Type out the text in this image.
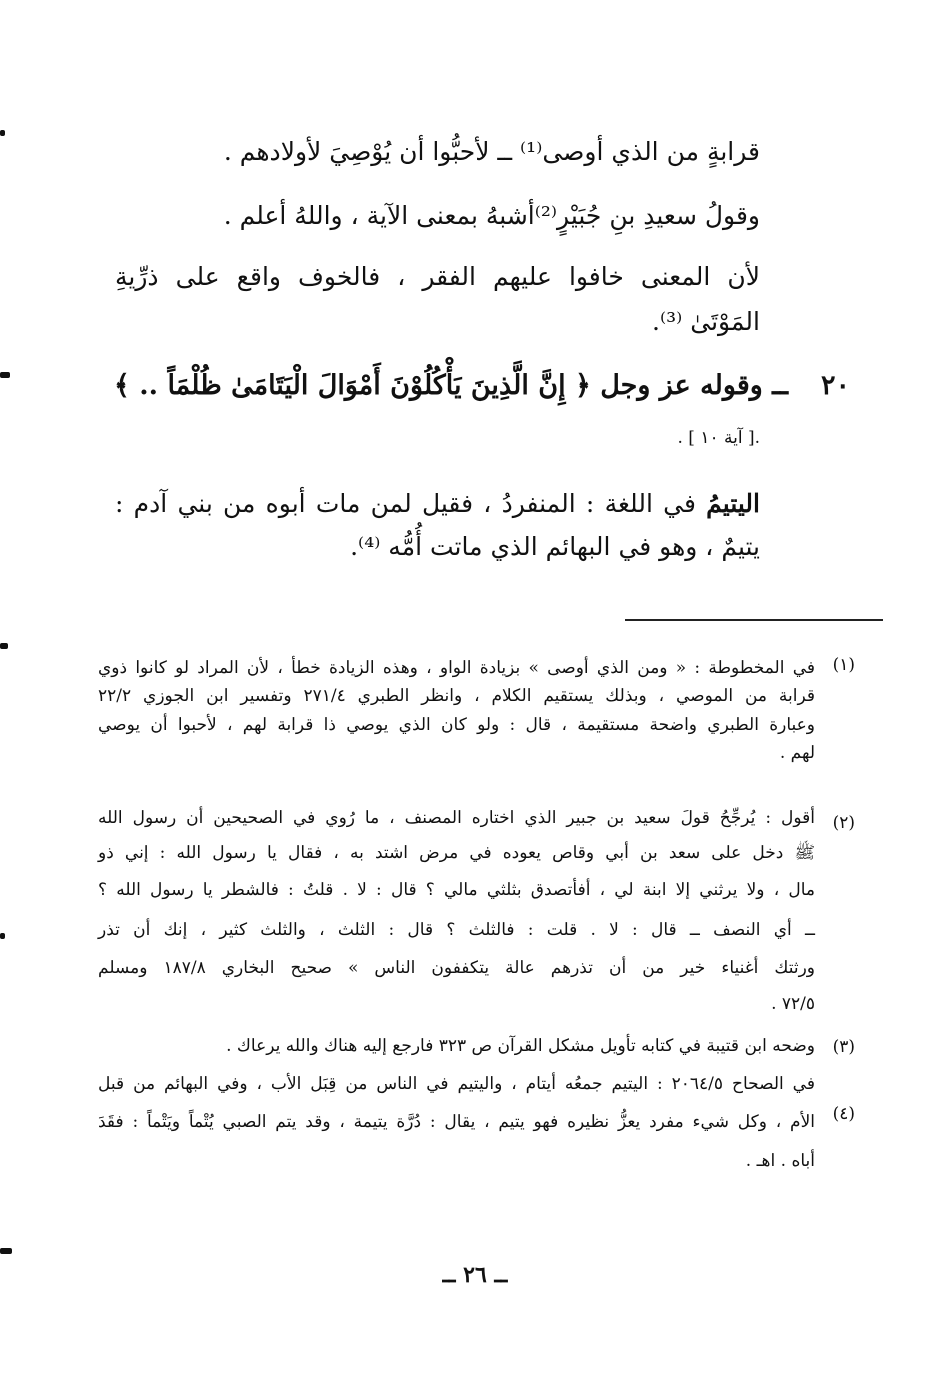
قرابةٍ من الذي أوصى⁽¹⁾ ــ لأحبُّوا أن يُوْصِيَ لأولادهم .
وقولُ سعيدِ بنِ جُبَيْرٍ⁽²⁾أشبهُ بمعنى الآية ، واللهُ أعلم .
لأن المعنى خافوا عليهم الفقر ، فالخوف واقع على ذرِّيةِ
المَوْتَىٰ ⁽³⁾.
٢٠
ــ وقوله عز وجل ﴿ إِنَّ الَّذِينَ يَأْكُلُوْنَ أَمْوَالَ الْيَتَامَىٰ ظُلْمَاً .. ﴾
.[ آية ١٠ ] .
اليتيمُ في اللغة : المنفردُ ، فقيل لمن مات أبوه من بني آدم :
يتيمٌ ، وهو في البهائم الذي ماتت أُمُّه ⁽⁴⁾.
(١)
في المخطوطة : « ومن الذي أوصى » بزيادة الواو ، وهذه الزيادة خطأ ، لأن المراد لو كانوا ذوي
قرابة من الموصي ، وبذلك يستقيم الكلام ، وانظر الطبري ٢٧١/٤ وتفسير ابن الجوزي ٢٢/٢
وعبارة الطبري واضحة مستقيمة ، قال : ولو كان الذي يوصي ذا قرابة لهم ، لأحبوا أن يوصي
لهم .
(٢)
أقول : يُرجِّحُ قولَ سعيد بن جبير الذي اختاره المصنف ، ما رُوي في الصحيحين أن رسول الله
ﷺ دخل على سعد بن أبي وقاص يعوده في مرض اشتد به ، فقال يا رسول الله : إني ذو
مال ، ولا يرثني إلا ابنة لي ، أفأتصدق بثلثي مالي ؟ قال : لا . قلتُ : فالشطر يا رسول الله ؟
ــ أي النصف ــ قال : لا . قلت : فالثلث ؟ قال : الثلث ، والثلث كثير ، إنك أن تذر
ورثتك أغنياء خير من أن تذرهم عالة يتكففون الناس » صحيح البخاري ١٨٧/٨ ومسلم
٧٢/٥ .
(٣)
وضحه ابن قتيبة في كتابه تأويل مشكل القرآن ص ٣٢٣ فارجع إليه هناك والله يرعاك .
(٤)
في الصحاح ٢٠٦٤/٥ : اليتيم جمعُه أيتام ، واليتيم في الناس من قِبَل الأب ، وفي البهائم من قبل
الأم ، وكل شيء مفرد يعزُّ نظيره فهو يتيم ، يقال : دُرَّة يتيمة ، وقد يتم الصبي يُتْماً ويَتْماً : فقَدَ
أباه . اهـ .
ــ ٢٦ ــ
